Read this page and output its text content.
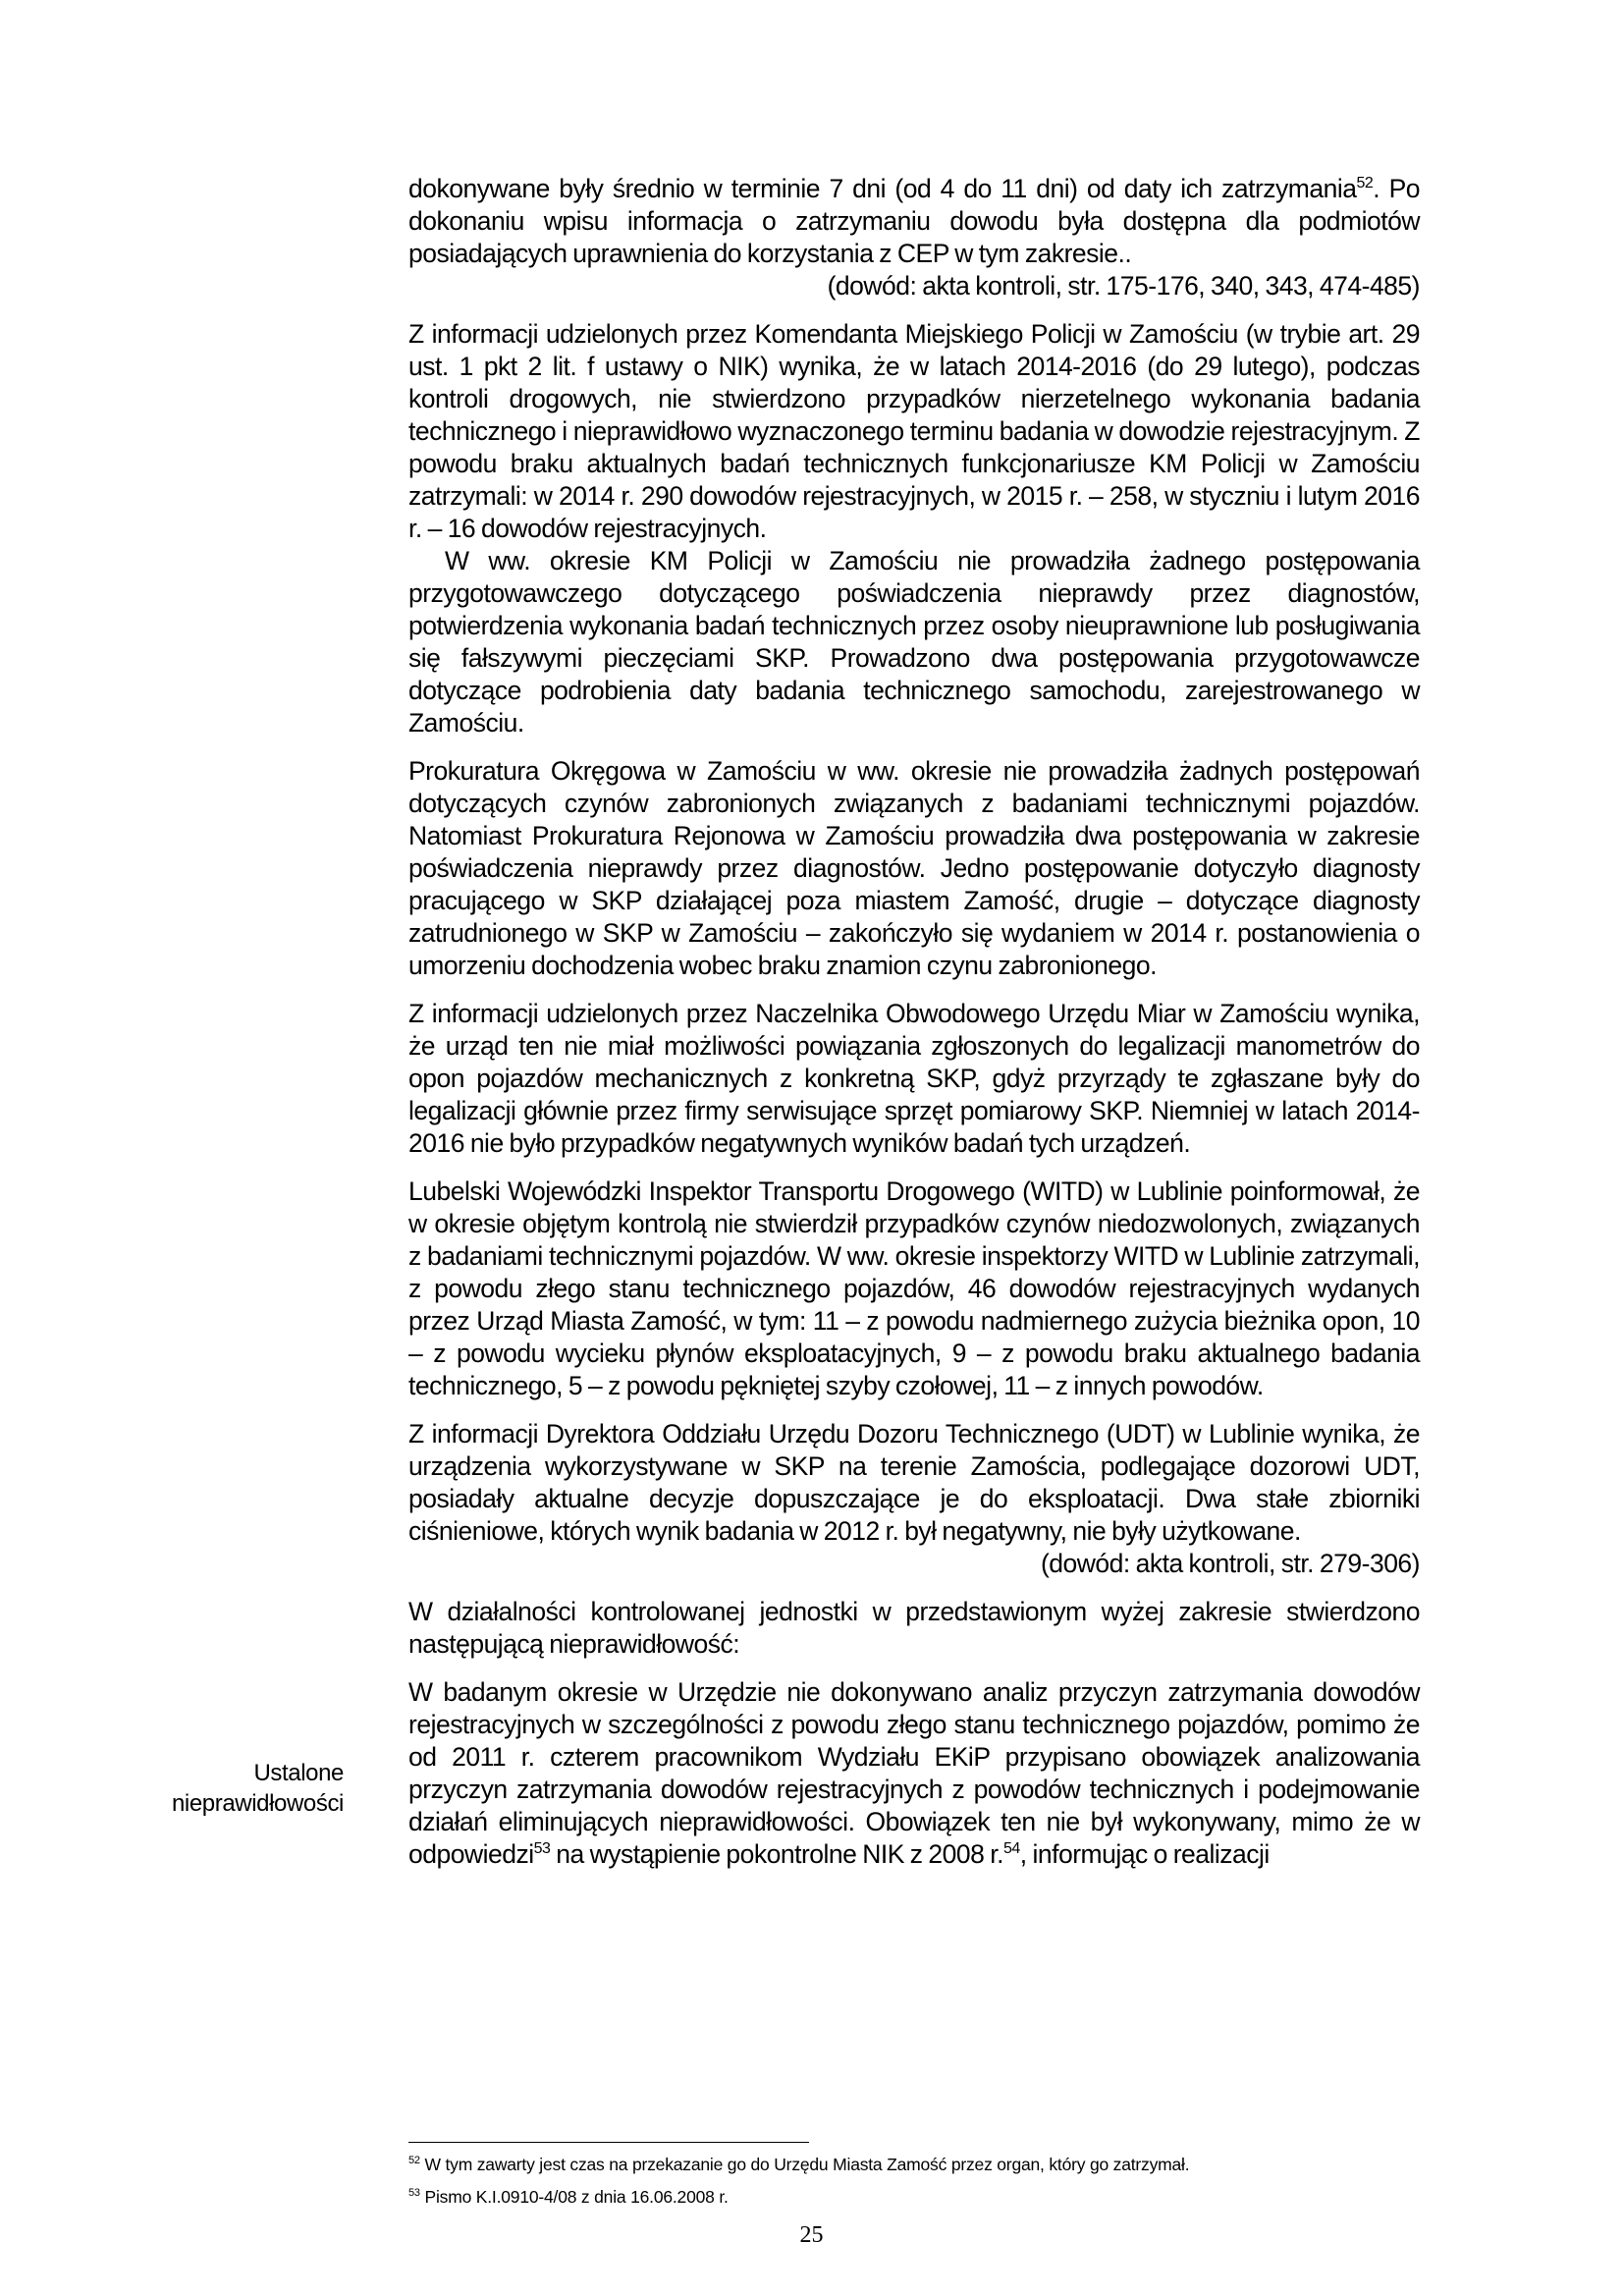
dokonywane były średnio w terminie 7 dni (od 4 do 11 dni) od daty ich zatrzymania$^{52}$. Po dokonaniu wpisu informacja o zatrzymaniu dowodu była dostępna dla podmiotów posiadających uprawnienia do korzystania z CEP w tym zakresie..

(dowód: akta kontroli, str. 175-176, 340, 343, 474-485)

Z informacji udzielonych przez Komendanta Miejskiego Policji w Zamościu (w trybie art. 29 ust. 1 pkt 2 lit. f ustawy o NIK) wynika, że w latach 2014-2016 (do 29 lutego), podczas kontroli drogowych, nie stwierdzono przypadków nierzetelnego wykonania badania technicznego i nieprawidłowo wyznaczonego terminu badania w dowodzie rejestracyjnym. Z powodu braku aktualnych badań technicznych funkcjonariusze KM Policji w Zamościu zatrzymali: w 2014 r. 290 dowodów rejestracyjnych, w 2015 r. – 258, w styczniu i lutym 2016 r. – 16 dowodów rejestracyjnych.

W ww. okresie KM Policji w Zamościu nie prowadziła żadnego postępowania przygotowawczego dotyczącego poświadczenia nieprawdy przez diagnostów, potwierdzenia wykonania badań technicznych przez osoby nieuprawnione lub posługiwania się fałszywymi pieczęciami SKP. Prowadzono dwa postępowania przygotowawcze dotyczące podrobienia daty badania technicznego samochodu, zarejestrowanego w Zamościu.

Prokuratura Okręgowa w Zamościu w ww. okresie nie prowadziła żadnych postępowań dotyczących czynów zabronionych związanych z badaniami technicznymi pojazdów. Natomiast Prokuratura Rejonowa w Zamościu prowadziła dwa postępowania w zakresie poświadczenia nieprawdy przez diagnostów. Jedno postępowanie dotyczyło diagnosty pracującego w SKP działającej poza miastem Zamość, drugie – dotyczące diagnosty zatrudnionego w SKP w Zamościu – zakończyło się wydaniem w 2014 r. postanowienia o umorzeniu dochodzenia wobec braku znamion czynu zabronionego.

Z informacji udzielonych przez Naczelnika Obwodowego Urzędu Miar w Zamościu wynika, że urząd ten nie miał możliwości powiązania zgłoszonych do legalizacji manometrów do opon pojazdów mechanicznych z konkretną SKP, gdyż przyrządy te zgłaszane były do legalizacji głównie przez firmy serwisujące sprzęt pomiarowy SKP. Niemniej w latach 2014-2016 nie było przypadków negatywnych wyników badań tych urządzeń.

Lubelski Wojewódzki Inspektor Transportu Drogowego (WITD) w Lublinie poinformował, że w okresie objętym kontrolą nie stwierdził przypadków czynów niedozwolonych, związanych z badaniami technicznymi pojazdów. W ww. okresie inspektorzy WITD w Lublinie zatrzymali, z powodu złego stanu technicznego pojazdów, 46 dowodów rejestracyjnych wydanych przez Urząd Miasta Zamość, w tym: 11 – z powodu nadmiernego zużycia bieżnika opon, 10 – z powodu wycieku płynów eksploatacyjnych, 9 – z powodu braku aktualnego badania technicznego, 5 – z powodu pękniętej szyby czołowej, 11 – z innych powodów.

Z informacji Dyrektora Oddziału Urzędu Dozoru Technicznego (UDT) w Lublinie wynika, że urządzenia wykorzystywane w SKP na terenie Zamościa, podlegające dozorowi UDT, posiadały aktualne decyzje dopuszczające je do eksploatacji. Dwa stałe zbiorniki ciśnieniowe, których wynik badania w 2012 r. był negatywny, nie były użytkowane.

(dowód: akta kontroli, str. 279-306)

W działalności kontrolowanej jednostki w przedstawionym wyżej zakresie stwierdzono następującą nieprawidłowość:

W badanym okresie w Urzędzie nie dokonywano analiz przyczyn zatrzymania dowodów rejestracyjnych w szczególności z powodu złego stanu technicznego pojazdów, pomimo że od 2011 r. czterem pracownikom Wydziału EKiP przypisano obowiązek analizowania przyczyn zatrzymania dowodów rejestracyjnych z powodów technicznych i podejmowanie działań eliminujących nieprawidłowości. Obowiązek ten nie był wykonywany, mimo że w odpowiedzi$^{53}$ na wystąpienie pokontrolne NIK z 2008 r.$^{54}$, informując o realizacji

Ustalone
nieprawidłowości

$^{52}$ W tym zawarty jest czas na przekazanie go do Urzędu Miasta Zamość przez organ, który go zatrzymał.

$^{53}$ Pismo K.I.0910-4/08 z dnia 16.06.2008 r.

25
